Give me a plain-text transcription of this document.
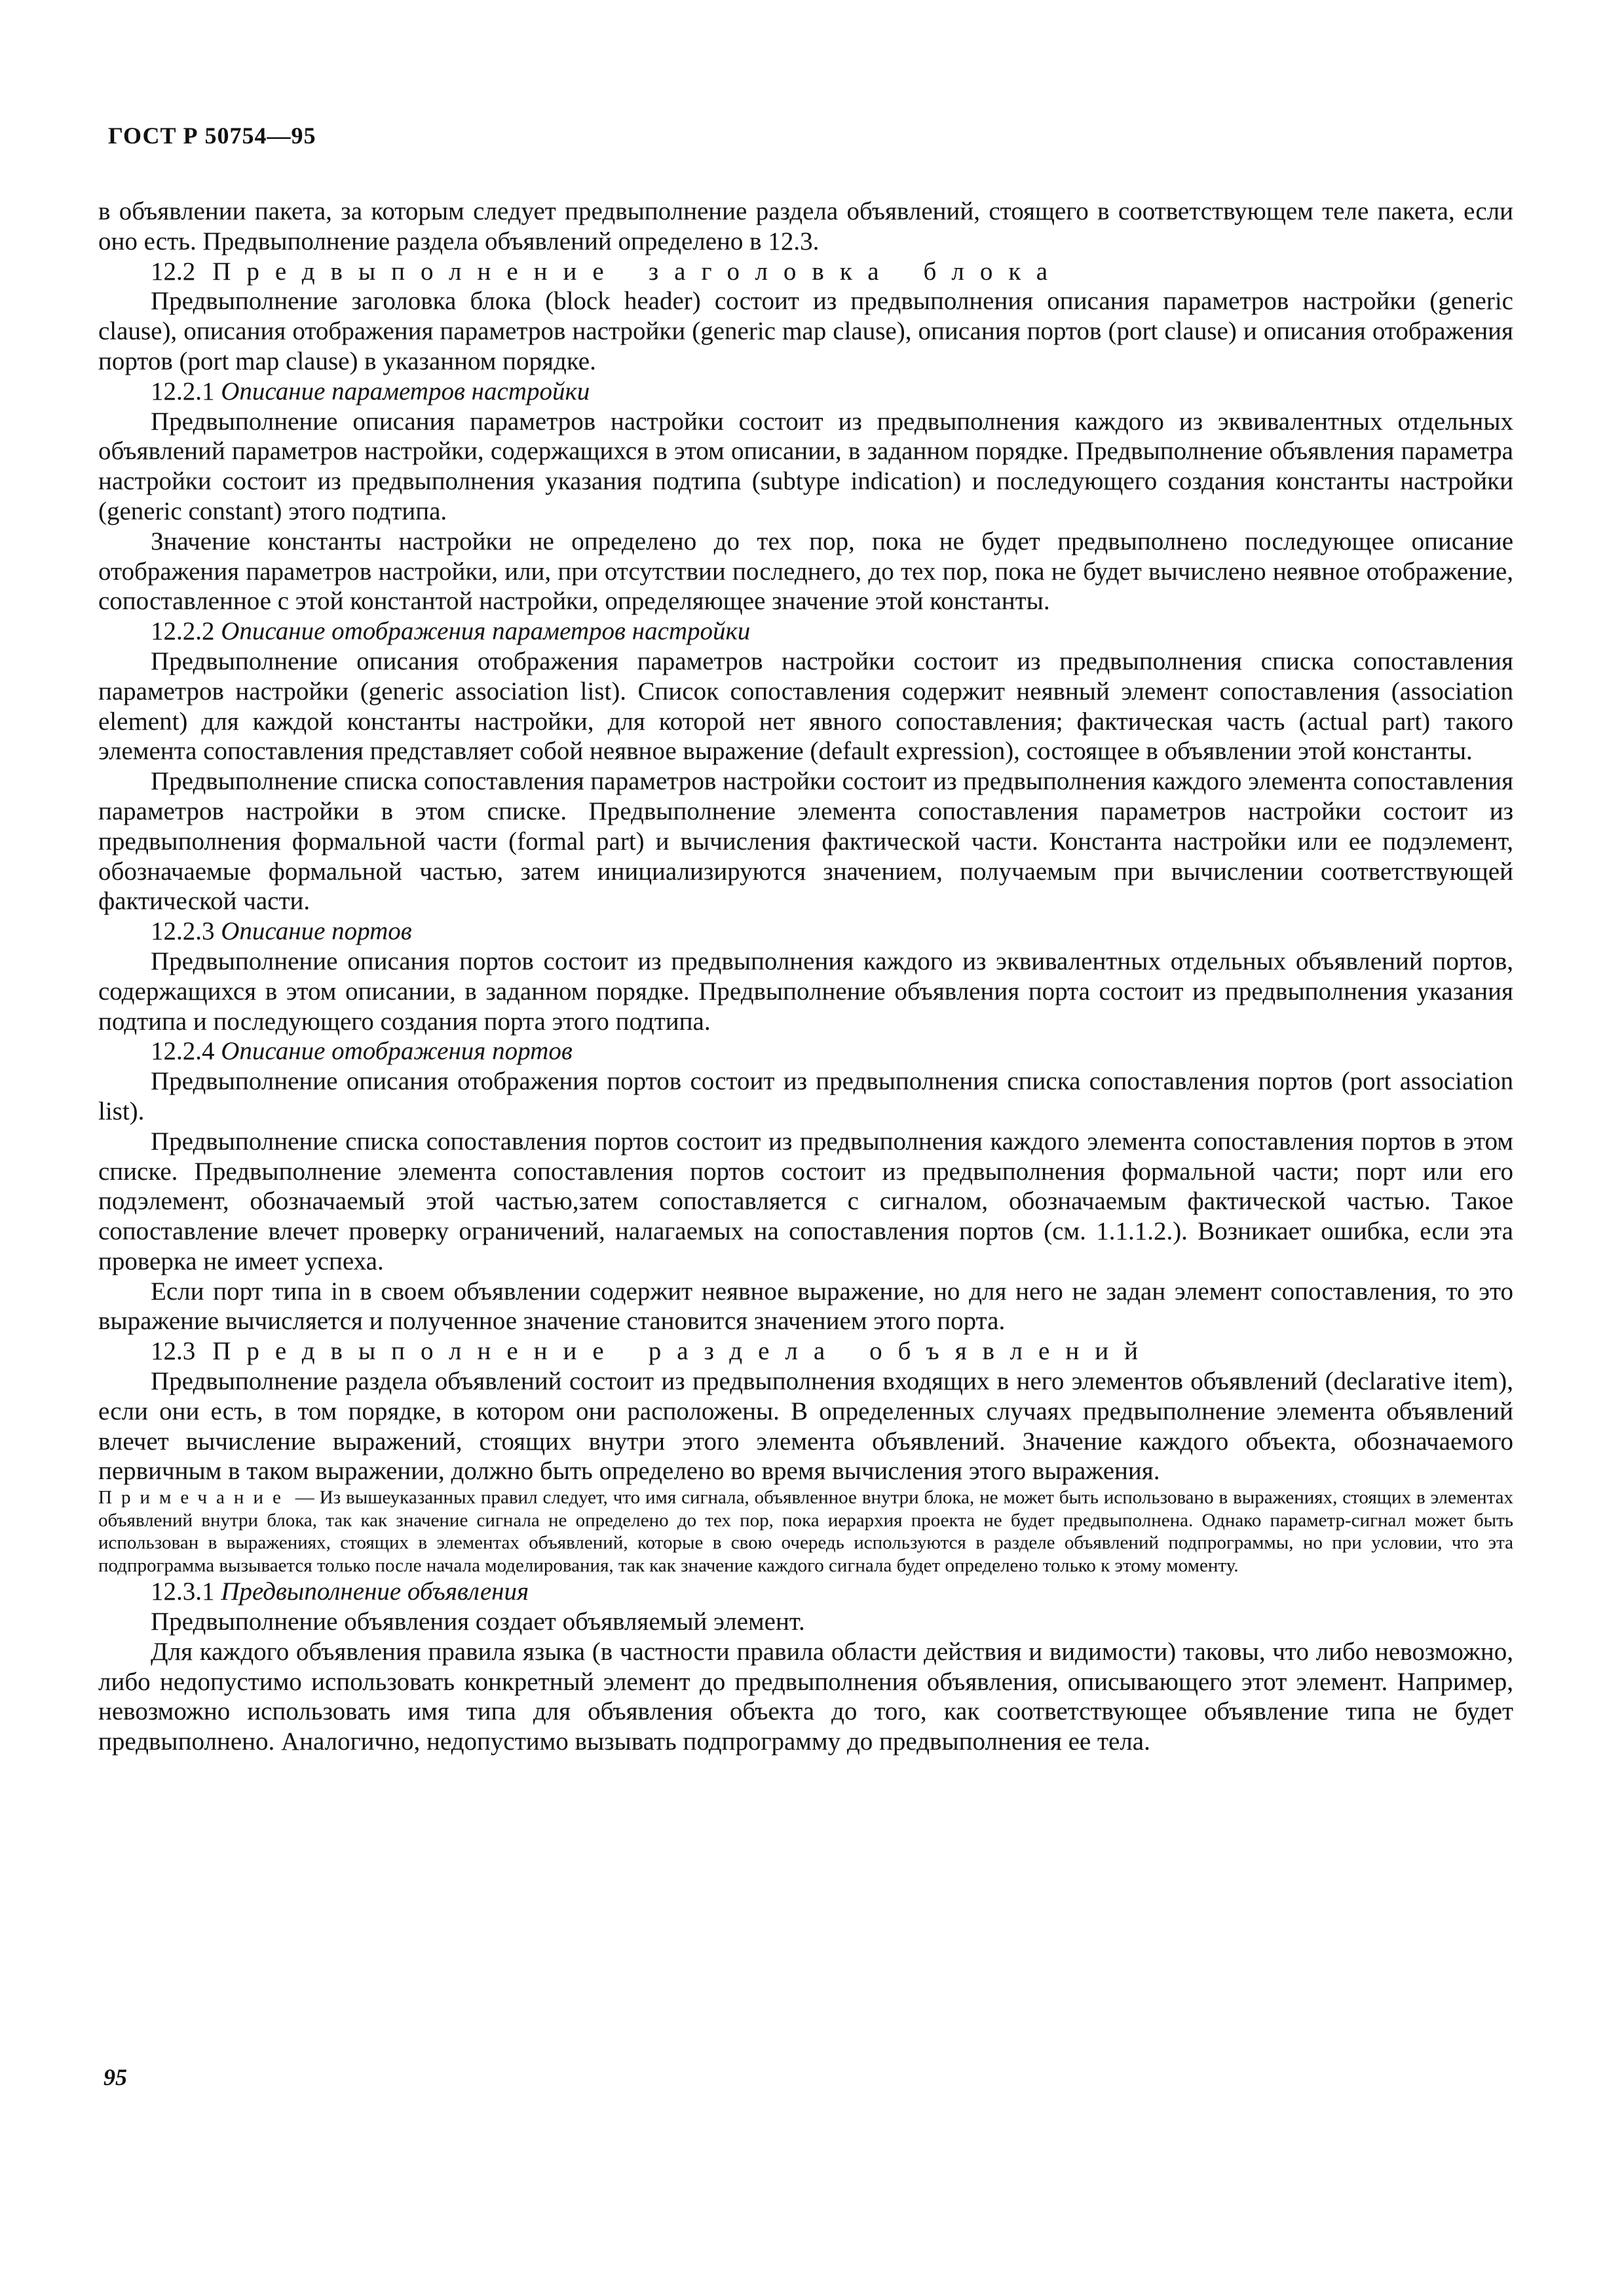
ГОСТ Р 50754—95

в объявлении пакета, за которым следует предвыполнение раздела объявлений, стоящего в соответствующем теле пакета, если оно есть. Предвыполнение раздела объявлений определено в 12.3.

12.2 Предвыполнение заголовка блока

Предвыполнение заголовка блока (block header) состоит из предвыполнения описания параметров настройки (generic clause), описания отображения параметров настройки (generic map clause), описания портов (port clause) и описания отображения портов (port map clause) в указанном порядке.

12.2.1 Описание параметров настройки

Предвыполнение описания параметров настройки состоит из предвыполнения каждого из эквивалентных отдельных объявлений параметров настройки, содержащихся в этом описании, в заданном порядке. Предвыполнение объявления параметра настройки состоит из предвыполнения указания подтипа (subtype indication) и последующего создания константы настройки (generic constant) этого подтипа.

Значение константы настройки не определено до тех пор, пока не будет предвыполнено последующее описание отображения параметров настройки, или, при отсутствии последнего, до тех пор, пока не будет вычислено неявное отображение, сопоставленное с этой константой настройки, определяющее значение этой константы.

12.2.2 Описание отображения параметров настройки

Предвыполнение описания отображения параметров настройки состоит из предвыполнения списка сопоставления параметров настройки (generic association list). Список сопоставления содержит неявный элемент сопоставления (association element) для каждой константы настройки, для которой нет явного сопоставления; фактическая часть (actual part) такого элемента сопоставления представляет собой неявное выражение (default expression), состоящее в объявлении этой константы.

Предвыполнение списка сопоставления параметров настройки состоит из предвыполнения каждого элемента сопоставления параметров настройки в этом списке. Предвыполнение элемента сопоставления параметров настройки состоит из предвыполнения формальной части (formal part) и вычисления фактической части. Константа настройки или ее подэлемент, обозначаемые формальной частью, затем инициализируются значением, получаемым при вычислении соответствующей фактической части.

12.2.3 Описание портов

Предвыполнение описания портов состоит из предвыполнения каждого из эквивалентных отдельных объявлений портов, содержащихся в этом описании, в заданном порядке. Предвыполнение объявления порта состоит из предвыполнения указания подтипа и последующего создания порта этого подтипа.

12.2.4 Описание отображения портов

Предвыполнение описания отображения портов состоит из предвыполнения списка сопоставления портов (port association list).

Предвыполнение списка сопоставления портов состоит из предвыполнения каждого элемента сопоставления портов в этом списке. Предвыполнение элемента сопоставления портов состоит из предвыполнения формальной части; порт или его подэлемент, обозначаемый этой частью,затем сопоставляется с сигналом, обозначаемым фактической частью. Такое сопоставление влечет проверку ограничений, налагаемых на сопоставления портов (см. 1.1.1.2.). Возникает ошибка, если эта проверка не имеет успеха.

Если порт типа in в своем объявлении содержит неявное выражение, но для него не задан элемент сопоставления, то это выражение вычисляется и полученное значение становится значением этого порта.

12.3 Предвыполнение раздела объявлений

Предвыполнение раздела объявлений состоит из предвыполнения входящих в него элементов объявлений (declarative item), если они есть, в том порядке, в котором они расположены. В определенных случаях предвыполнение элемента объявлений влечет вычисление выражений, стоящих внутри этого элемента объявлений. Значение каждого объекта, обозначаемого первичным в таком выражении, должно быть определено во время вычисления этого выражения.

Примечание — Из вышеуказанных правил следует, что имя сигнала, объявленное внутри блока, не может быть использовано в выражениях, стоящих в элементах объявлений внутри блока, так как значение сигнала не определено до тех пор, пока иерархия проекта не будет предвыполнена. Однако параметр-сигнал может быть использован в выражениях, стоящих в элементах объявлений, которые в свою очередь используются в разделе объявлений подпрограммы, но при условии, что эта подпрограмма вызывается только после начала моделирования, так как значение каждого сигнала будет определено только к этому моменту.

12.3.1 Предвыполнение объявления

Предвыполнение объявления создает объявляемый элемент.

Для каждого объявления правила языка (в частности правила области действия и видимости) таковы, что либо невозможно, либо недопустимо использовать конкретный элемент до предвыполнения объявления, описывающего этот элемент. Например, невозможно использовать имя типа для объявления объекта до того, как соответствующее объявление типа не будет предвыполнено. Аналогично, недопустимо вызывать подпрограмму до предвыполнения ее тела.

95
